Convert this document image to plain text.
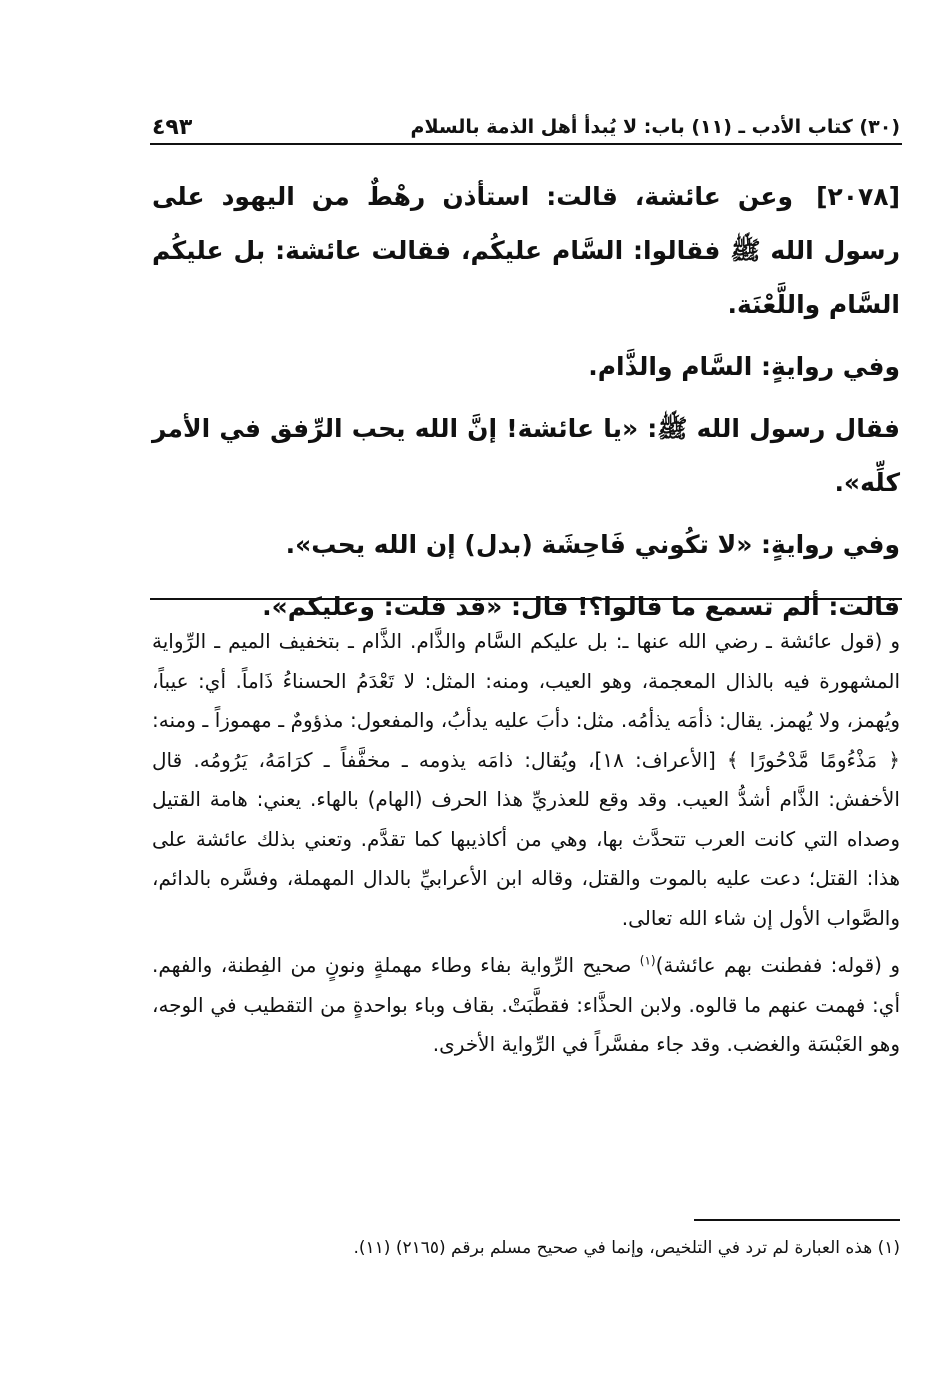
(٣٠) كتاب الأدب ـ (١١) باب: لا يُبدأ أهل الذمة بالسلام
٤٩٣

[٢٠٧٨] وعن عائشة، قالت: استأذن رهْطٌ من اليهود على رسول الله ﷺ فقالوا: السَّام عليكُم، فقالت عائشة: بل عليكُم السَّام واللَّعْنَة.

وفي روايةٍ: السَّام والذَّام.

فقال رسول الله ﷺ: «يا عائشة! إنَّ الله يحب الرِّفق في الأمر كلِّه».

وفي روايةٍ: «لا تكُوني فَاحِشَة (بدل) إن الله يحب».

قالت: ألم تسمع ما قالوا؟! قال: «قد قلت: وعليكم».

و (قول عائشة ـ رضي الله عنها ـ: بل عليكم السَّام والذَّام. الذَّام ـ بتخفيف الميم ـ الرِّواية المشهورة فيه بالذال المعجمة، وهو العيب، ومنه: المثل: لا تَعْدَمُ الحسناءُ ذَاماً. أي: عيباً، ويُهمز، ولا يُهمز. يقال: ذأمَه يذأمُه. مثل: دأبَ عليه يدأبُ، والمفعول: مذؤومٌ ـ مهموزاً ـ ومنه: ﴿ مَذْءُومًا مَّدْحُورًا ﴾ [الأعراف: ١٨]، ويُقال: ذامَه يذومه ـ مخفَّفاً ـ كرَامَهُ، يَرُومُه. قال الأخفش: الذَّام أشدُّ العيب. وقد وقع للعذريِّ هذا الحرف (الهام) بالهاء. يعني: هامة القتيل وصداه التي كانت العرب تتحدَّث بها، وهي من أكاذيبها كما تقدَّم. وتعني بذلك عائشة على هذا: القتل؛ دعت عليه بالموت والقتل، وقاله ابن الأعرابيِّ بالدال المهملة، وفسَّره بالدائم، والصَّواب الأول إن شاء الله تعالى.

و (قوله: ففطنت بهم عائشة)$^{(١)}$ صحيح الرِّواية بفاء وطاء مهملةٍ ونونٍ من الفِطنة، والفهم. أي: فهمت عنهم ما قالوه. ولابن الحذَّاء: فقطَّبَتْ. بقاف وباء بواحدةٍ من التقطيب في الوجه، وهو العَبْسَة والغضب. وقد جاء مفسَّراً في الرِّواية الأخرى.

(١) هذه العبارة لم ترد في التلخيص، وإنما في صحيح مسلم برقم (٢١٦٥) (١١).
